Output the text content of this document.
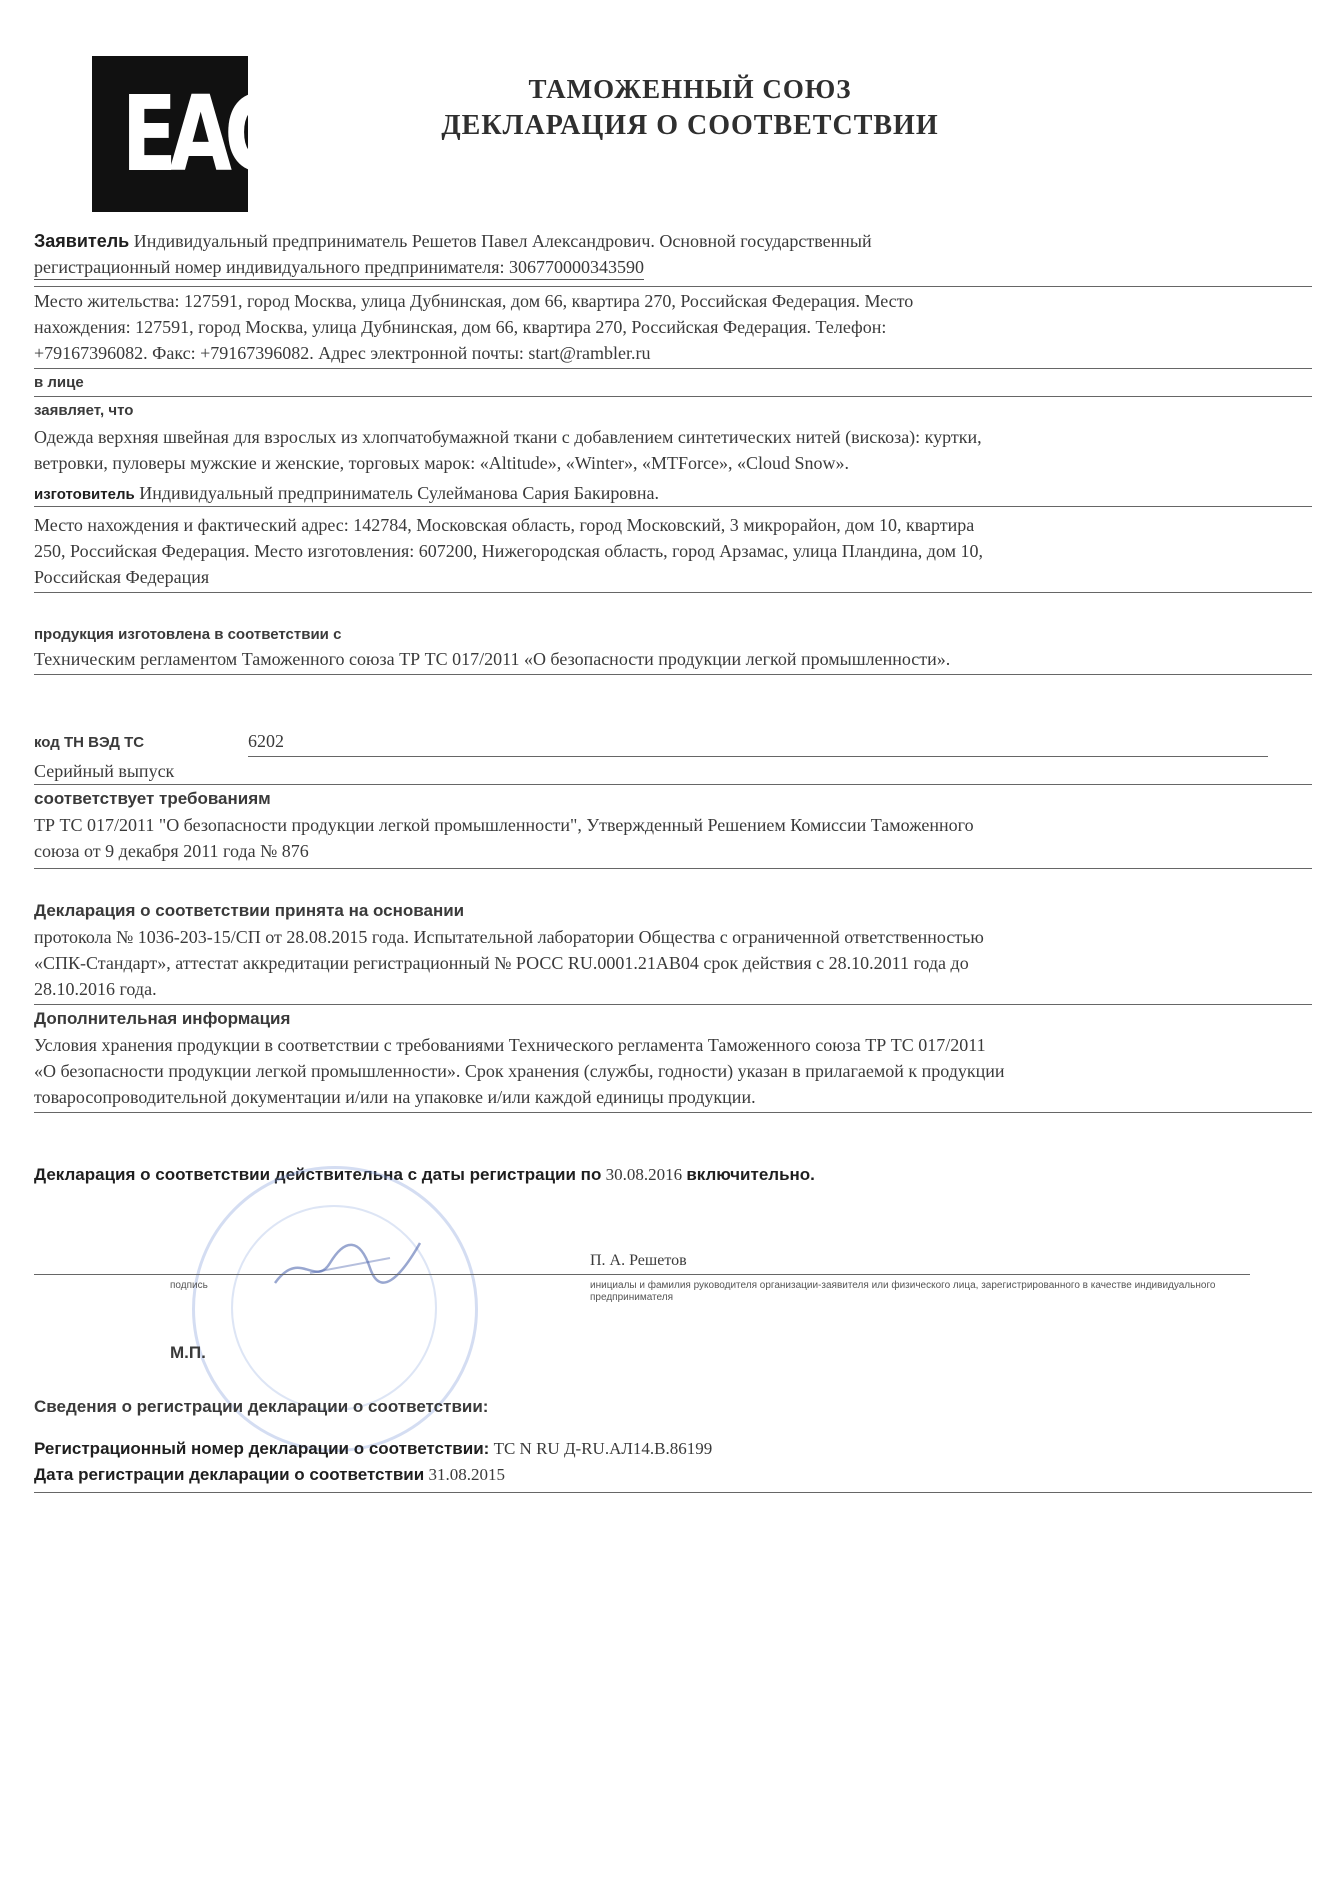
EAC	ТАМОЖЕННЫЙ СОЮЗ
ДЕКЛАРАЦИЯ О СООТВЕТСТВИИ
Заявитель Индивидуальный предприниматель Решетов Павел Александрович. Основной государственный
регистрационный номер индивидуального предпринимателя: 306770000343590
Место жительства: 127591, город Москва, улица Дубнинская, дом 66, квартира 270, Российская Федерация. Место
нахождения: 127591, город Москва, улица Дубнинская, дом 66, квартира 270, Российская Федерация. Телефон:
+79167396082. Факс: +79167396082. Адрес электронной почты: start@rambler.ru
в лице
заявляет, что
Одежда верхняя швейная для взрослых из хлопчатобумажной ткани с добавлением синтетических нитей (вискоза): куртки,
ветровки, пуловеры мужские и женские, торговых марок: «Altitude», «Winter», «MTForce», «Cloud Snow».
изготовитель Индивидуальный предприниматель Сулейманова Сария Бакировна.
Место нахождения и фактический адрес: 142784, Московская область, город Московский, 3 микрорайон, дом 10, квартира
250, Российская Федерация. Место изготовления: 607200, Нижегородская область, город Арзамас, улица Пландина, дом 10,
Российская Федерация
продукция изготовлена в соответствии с
Техническим регламентом Таможенного союза ТР ТС 017/2011 «О безопасности продукции легкой промышленности».
код ТН ВЭД ТС	6202
Серийный выпуск
соответствует требованиям
ТР ТС 017/2011 "О безопасности продукции легкой промышленности", Утвержденный Решением Комиссии Таможенного
союза от 9 декабря 2011 года № 876
Декларация о соответствии принята на основании
протокола № 1036-203-15/СП от 28.08.2015 года. Испытательной лаборатории Общества с ограниченной ответственностью
«СПК-Стандарт», аттестат аккредитации регистрационный № РОСС RU.0001.21АВ04 срок действия с 28.10.2011 года до
28.10.2016 года.
Дополнительная информация
Условия хранения продукции в соответствии с требованиями Технического регламента Таможенного союза ТР ТС 017/2011
«О безопасности продукции легкой промышленности». Срок хранения (службы, годности) указан в прилагаемой к продукции
товаросопроводительной документации и/или на упаковке и/или каждой единицы продукции.
Декларация о соответствии действительна с даты регистрации по 30.08.2016 включительно.
П. А. Решетов
подпись	инициалы и фамилия руководителя организации-заявителя или физического лица, зарегистрированного в качестве индивидуального предпринимателя
М.П.
Сведения о регистрации декларации о соответствии:
Регистрационный номер декларации о соответствии: ТС N RU Д-RU.АЛ14.В.86199
Дата регистрации декларации о соответствии 31.08.2015
